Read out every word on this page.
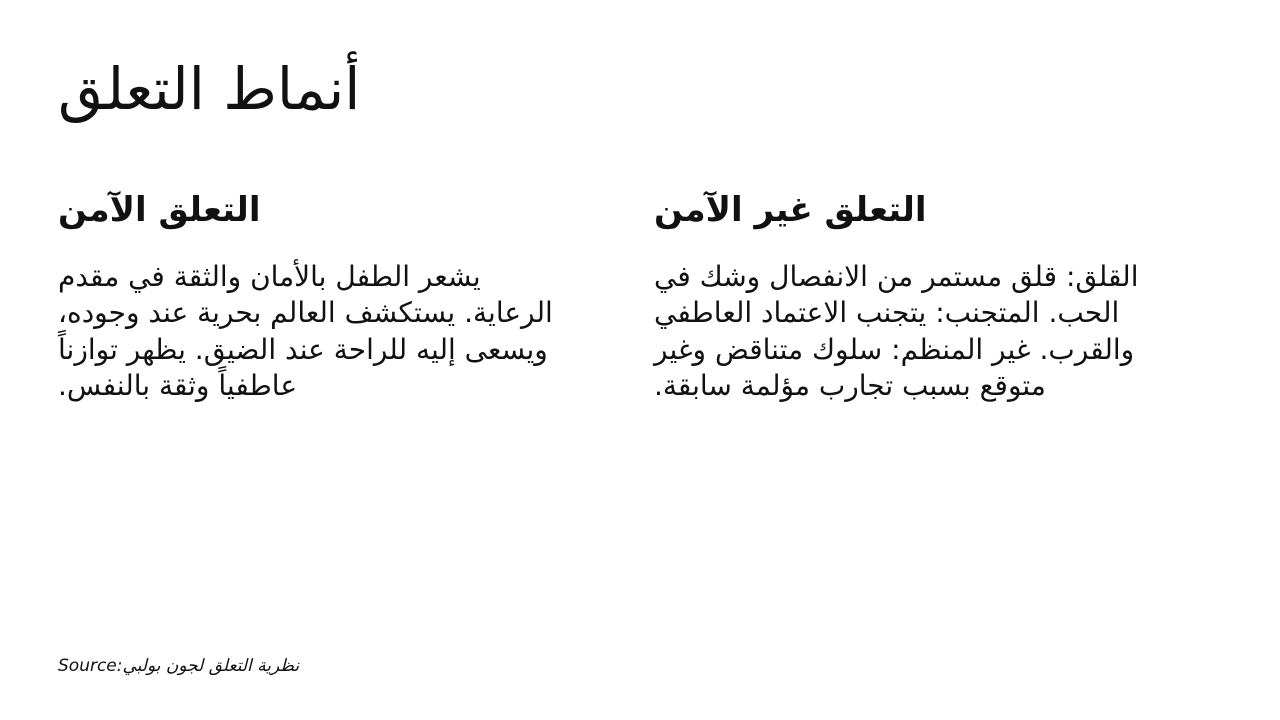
أنماط التعلق
التعلق الآمن

يشعر الطفل بالأمان والثقة في مقدم الرعاية. يستكشف العالم بحرية عند وجوده، ويسعى إليه للراحة عند الضيق. يظهر توازناً عاطفياً وثقة بالنفس.

التعلق غير الآمن

القلق: قلق مستمر من الانفصال وشك في الحب. المتجنب: يتجنب الاعتماد العاطفي والقرب. غير المنظم: سلوك متناقض وغير متوقع بسبب تجارب مؤلمة سابقة.

Source:نظرية التعلق لجون بولبي
